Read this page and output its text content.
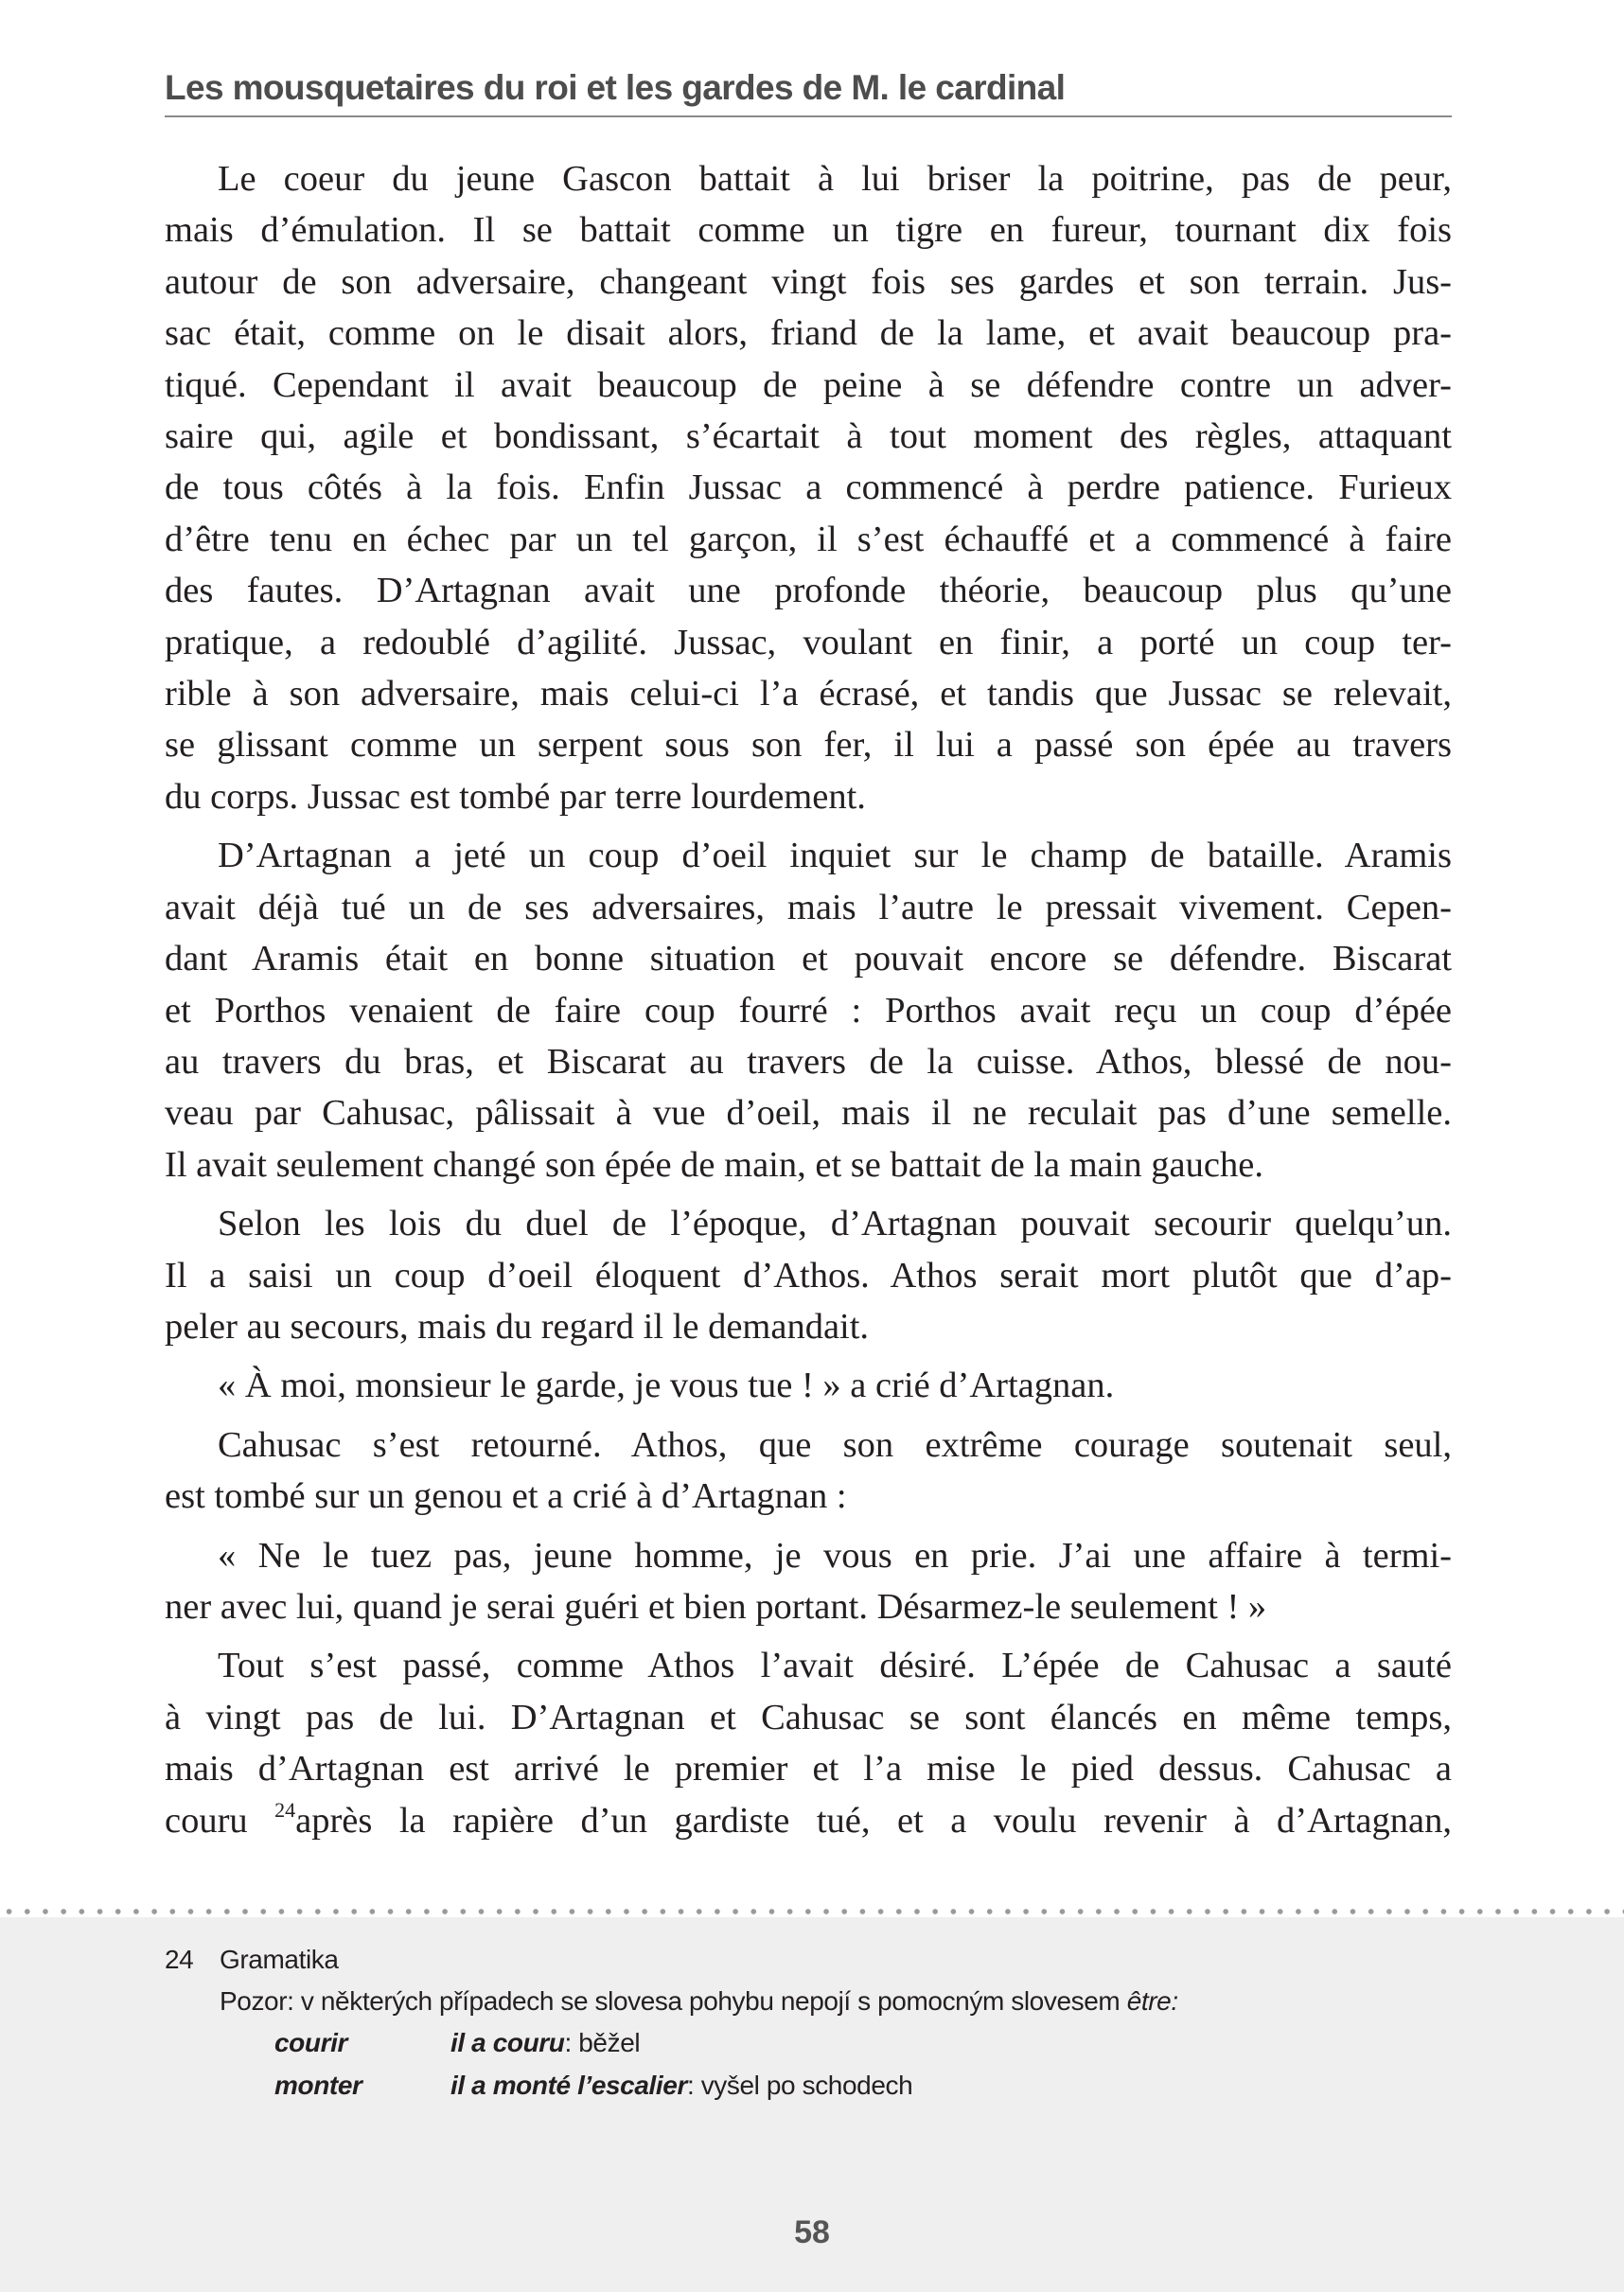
Les mousquetaires du roi et les gardes de M. le cardinal
Le coeur du jeune Gascon battait à lui briser la poitrine, pas de peur,
mais d’émulation. Il se battait comme un tigre en fureur, tournant dix fois
autour de son adversaire, changeant vingt fois ses gardes et son terrain. Jus-
sac était, comme on le disait alors, friand de la lame, et avait beaucoup pra-
tiqué. Cependant il avait beaucoup de peine à se défendre contre un adver-
saire qui, agile et bondissant, s’écartait à tout moment des règles, attaquant
de tous côtés à la fois. Enfin Jussac a commencé à perdre patience. Furieux
d’être tenu en échec par un tel garçon, il s’est échauffé et a commencé à faire
des fautes. D’Artagnan avait une profonde théorie, beaucoup plus qu’une
pratique, a redoublé d’agilité. Jussac, voulant en finir, a porté un coup ter-
rible à son adversaire, mais celui-ci l’a écrasé, et tandis que Jussac se relevait,
se glissant comme un serpent sous son fer, il lui a passé son épée au travers
du corps. Jussac est tombé par terre lourdement.
D’Artagnan a jeté un coup d’oeil inquiet sur le champ de bataille. Aramis
avait déjà tué un de ses adversaires, mais l’autre le pressait vivement. Cepen-
dant Aramis était en bonne situation et pouvait encore se défendre. Biscarat
et Porthos venaient de faire coup fourré : Porthos avait reçu un coup d’épée
au travers du bras, et Biscarat au travers de la cuisse. Athos, blessé de nou-
veau par Cahusac, pâlissait à vue d’oeil, mais il ne reculait pas d’une semelle.
Il avait seulement changé son épée de main, et se battait de la main gauche.
Selon les lois du duel de l’époque, d’Artagnan pouvait secourir quelqu’un.
Il a saisi un coup d’oeil éloquent d’Athos. Athos serait mort plutôt que d’ap-
peler au secours, mais du regard il le demandait.
« À moi, monsieur le garde, je vous tue ! » a crié d’Artagnan.
Cahusac s’est retourné. Athos, que son extrême courage soutenait seul,
est tombé sur un genou et a crié à d’Artagnan :
« Ne le tuez pas, jeune homme, je vous en prie. J’ai une affaire à termi-
ner avec lui, quand je serai guéri et bien portant. Désarmez-le seulement ! »
Tout s’est passé, comme Athos l’avait désiré. L’épée de Cahusac a sauté
à vingt pas de lui. D’Artagnan et Cahusac se sont élancés en même temps,
mais d’Artagnan est arrivé le premier et l’a mise le pied dessus. Cahusac a
couru $^{24}$après la rapière d’un gardiste tué, et a voulu revenir à d’Artagnan,
24 Gramatika
Pozor: v některých případech se slovesa pohybu nepojí s pomocným slovesem être:
courir	il a couru: běžel
monter	il a monté l’escalier: vyšel po schodech
58
